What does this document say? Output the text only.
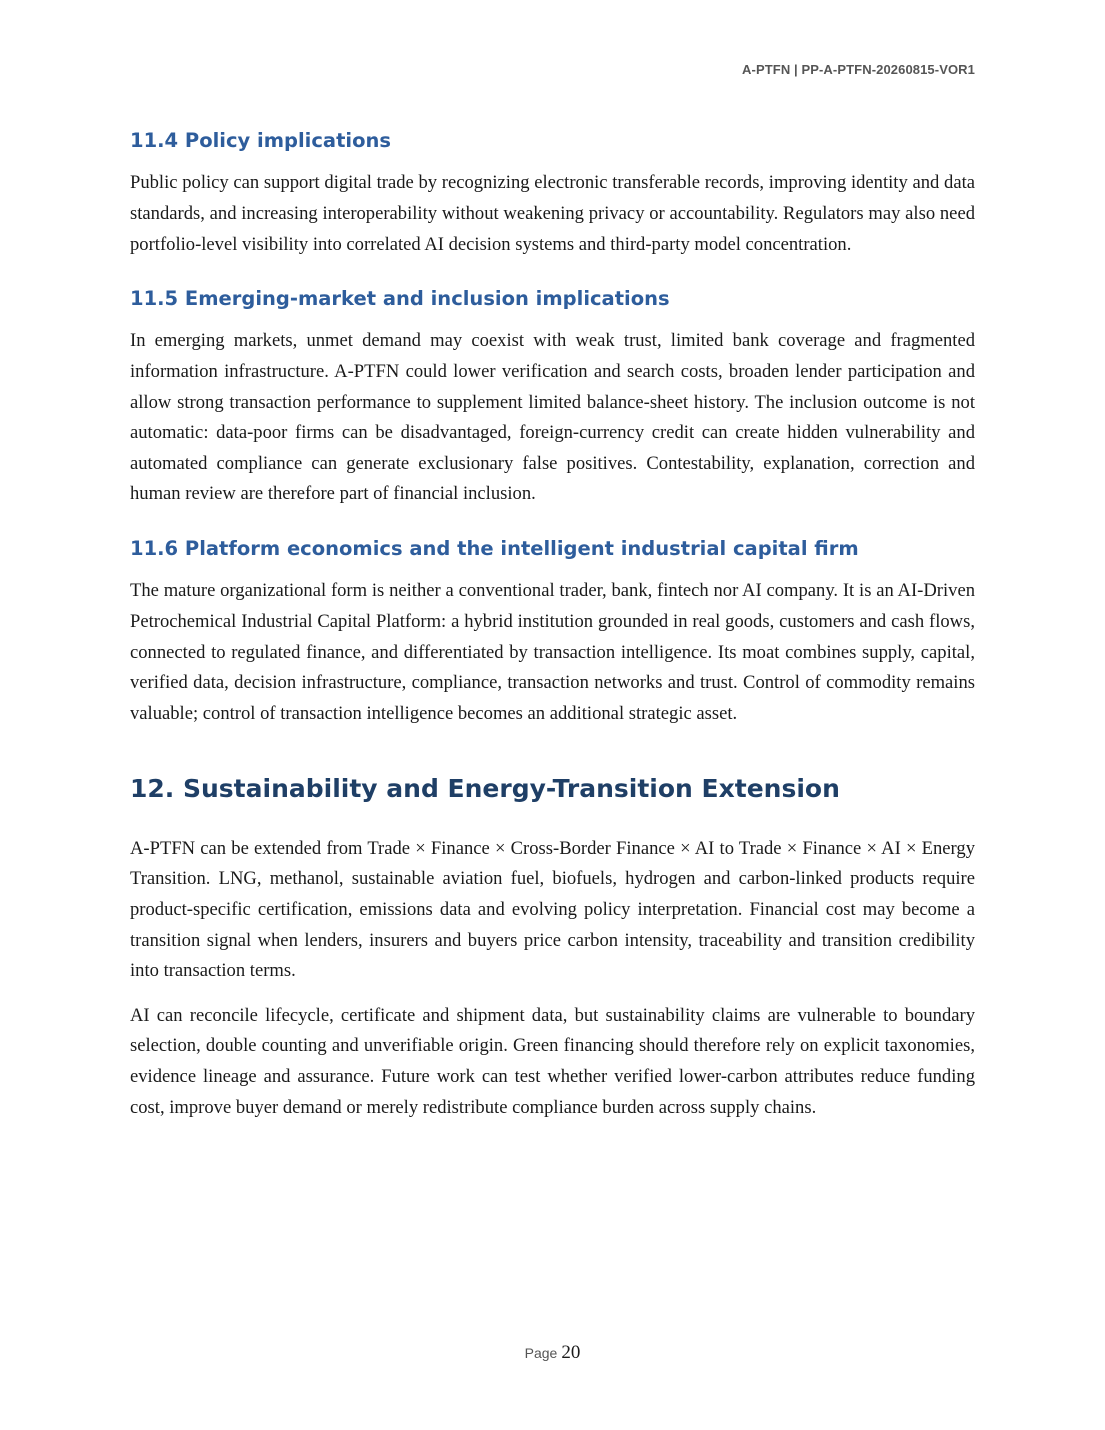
A-PTFN | PP-A-PTFN-20260815-VOR1
11.4 Policy implications

Public policy can support digital trade by recognizing electronic transferable records, improving identity and data standards, and increasing interoperability without weakening privacy or accountability. Regulators may also need portfolio-level visibility into correlated AI decision systems and third-party model concentration.

11.5 Emerging-market and inclusion implications

In emerging markets, unmet demand may coexist with weak trust, limited bank coverage and fragmented information infrastructure. A-PTFN could lower verification and search costs, broaden lender participation and allow strong transaction performance to supplement limited balance-sheet history. The inclusion outcome is not automatic: data-poor firms can be disadvantaged, foreign-currency credit can create hidden vulnerability and automated compliance can generate exclusionary false positives. Contestability, explanation, correction and human review are therefore part of financial inclusion.

11.6 Platform economics and the intelligent industrial capital firm

The mature organizational form is neither a conventional trader, bank, fintech nor AI company. It is an AI-Driven Petrochemical Industrial Capital Platform: a hybrid institution grounded in real goods, customers and cash flows, connected to regulated finance, and differentiated by transaction intelligence. Its moat combines supply, capital, verified data, decision infrastructure, compliance, transaction networks and trust. Control of commodity remains valuable; control of transaction intelligence becomes an additional strategic asset.

12. Sustainability and Energy-Transition Extension

A-PTFN can be extended from Trade × Finance × Cross-Border Finance × AI to Trade × Finance × AI × Energy Transition. LNG, methanol, sustainable aviation fuel, biofuels, hydrogen and carbon-linked products require product-specific certification, emissions data and evolving policy interpretation. Financial cost may become a transition signal when lenders, insurers and buyers price carbon intensity, traceability and transition credibility into transaction terms.

AI can reconcile lifecycle, certificate and shipment data, but sustainability claims are vulnerable to boundary selection, double counting and unverifiable origin. Green financing should therefore rely on explicit taxonomies, evidence lineage and assurance. Future work can test whether verified lower-carbon attributes reduce funding cost, improve buyer demand or merely redistribute compliance burden across supply chains.

Page 20
